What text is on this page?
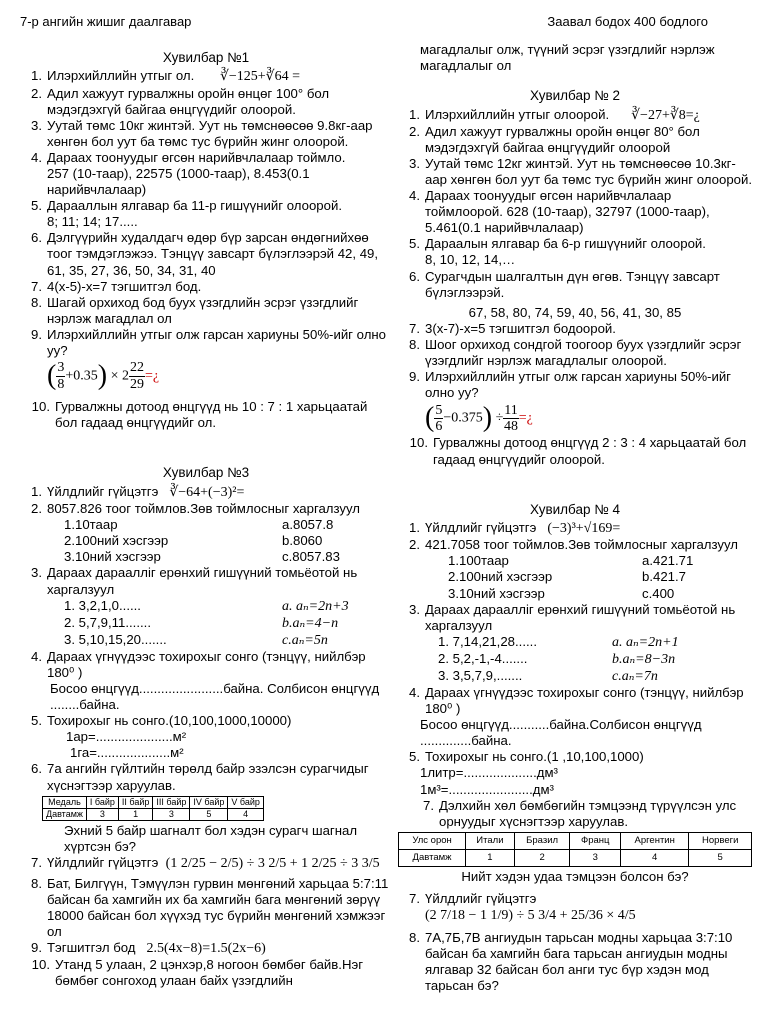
7-р ангийн жишиг даалгавар	Заавал бодох 400 бодлого
Хувилбар №1
1. Илэрхийллийн утгыг ол. ∛−125+∛64 =
2. Адил хажуут гурвалжны оройн өнцөг 100° бол мэдэгдэхгүй байгаа өнцгүүдийг олоорой.
3. Уутай төмс 10кг жинтэй. Уут нь төмснөөсөө 9.8кг-аар хөнгөн бол уут ба төмс тус бүрийн жинг олоорой.
4. Дараах тоонуудыг өгсөн нарийвчлалаар тоймло.
257 (10-таар), 22575 (1000-таар), 8.453(0.1 нарийвчлалаар)
5. Дарааллын ялгавар ба 11-р гишүүнийг олоорой.
8; 11; 14; 17.....
6. Дэлгүүрийн худалдагч өдөр бүр зарсан өндөгнийхөө тоог тэмдэглэжээ. Тэнцүү завсарт бүлэглээрэй 42, 49, 61, 35, 27, 36, 50, 34, 31, 40
7. 4(x-5)-x=7 тэгшитгэл бод.
8. Шагай орхиход бод бууx үзэгдлийн эсрэг үзэгдлийг нэрлэж магадлал ол
9. Илэрхийллийн утгыг олж гарсан хариуны 50%-ийг олно уу?
( $\frac{3}{8} +0.35) \times 2 \frac{22}{29}$ =¿
10. Гурвалжны дотоод өнцгүүд нь 10 : 7 : 1 харьцаатай бол гадаад өнцгүүдийг ол.
Хувилбар №3
1. Үйлдлийг гүйцэтгэ ∛−64+(−3)²=
2. 8057.826 тоог тоймлов.Зөв тоймлосныг харгалзуул
1.10таар	a.8057.8
2.100ний хэсгээр	b.8060
3.10ний хэсгээр	c.8057.83
3. Дараах дараалліг ерөнхий гишүүний томьёотой нь харгалзуул
1. 3,2,1,0......	a. aₙ=2n+3
2. 5,7,9,11.......	b.aₙ=4−n
3. 5,10,15,20.......	c.aₙ=5n
4. Дараах үгнүүдээс тохирохыг сонго (тэнцүү, нийлбэр 180⁰ )
Босоо өнцгүүд.......................байна. Солбисон өнцгүүд ........байна.
5. Тохирохыг нь сонго.(10,100,1000,10000)
1ар=.....................м²
1га=....................м²
6. 7а ангийн гүйлтийн төрөлд байр эзэлсэн сурагчидыг хүснэгтээр харуулав.
Медаль	I байр	II байр	III байр	IV байр	V байр
Давтамж	3	1	3	5	4
Эхний 5 байр шагналт бол хэдэн сурагч шагнал хүртсэн бэ?
7. Үйлдлийг гүйцэтгэ (1 2/25 − 2/5) ÷ 3 2/5 + 1 2/25 ÷ 3 3/5
8. Бат, Билгүүн, Тэмүүлэн гурвин мөнгөний харьцаа 5:7:11 байсан ба хамгийн их ба хамгийн бага мөнгөний зөрүү 18000 байсан бол хүүхэд тус бүрийн мөнгөний хэмжээг ол
9. Тэгшитгэл бод 2.5(4x−8)=1.5(2x−6)
10. Утанд 5 улаан, 2 цэнхэр,8 ногоон бөмбөг байв.Нэг бөмбөг сонгоход улаан байх үзэгдлийн
магадлалыг олж, түүний эсрэг үзэгдлийг нэрлэж магадлалыг ол
Хувилбар № 2
1. Илэрхийллийн утгыг олоорой. ∛−27+∛8=¿
2. Адил хажуут гурвалжны оройн өнцөг 80° бол мэдэгдэхгүй байгаа өнцгүүдийг олоорой
3. Уутай төмс 12кг жинтэй. Уут нь төмснөөсөө 10.3кг-аар хөнгөн бол уут ба төмс тус бүрийн жинг олоорой.
4. Дараах тоонуудыг өгсөн нарийвчлалаар тоймлоорой. 628 (10-таар), 32797 (1000-таар), 5.461(0.1 нарийвчлалаар)
5. Дараалын ялгавар ба 6-р гишүүнийг олоорой.
8, 10, 12, 14,…
6. Сурагчдын шалгалтын дүн өгөв. Тэнцүү завсарт бүлэглээрэй.
67, 58, 80, 74, 59, 40, 56, 41, 30, 85
7. 3(x-7)-x=5 тэгшитгэл бодоорой.
8. Шоог орхиход сондгой тоогоор бууx үзэгдлийг эсрэг үзэгдлийг нэрлэж магадлалыг олоорой.
9. Илэрхийллийн утгыг олж гарсан хариуны 50%-ийг олно уу?
( $\frac{5}{6} -0.375) \div \frac{11}{48}$ =¿
10. Гурвалжны дотоод өнцгүүд 2 : 3 : 4 харьцаатай бол гадаад өнцгүүдийг олоорой.
Хувилбар № 4
1. Үйлдлийг гүйцэтгэ (−3)³+√169=
2. 421.7058 тоог тоймлов.Зөв тоймлосныг харгалзуул
1.100таар	a.421.71
2.100ний хэсгээр	b.421.7
3.10ний хэсгээр	c.400
3. Дараах дараалліг ерөнхий гишүүний томьёотой нь харгалзуул
1. 7,14,21,28......	a. aₙ=2n+1
2. 5,2,-1,-4.......	b.aₙ=8−3n
3. 3,5,7,9,.......	c.aₙ=7n
4. Дараах үгнүүдээс тохирохыг сонго (тэнцүү, нийлбэр 180⁰ )
Босоо өнцгүүд...........байна.Солбисон өнцгүүд ..............байна.
5. Тохирохыг нь сонго.(1 ,10,100,1000)
1литр=....................дм³
1м³=.......................дм³
7. Дэлхийн хөл бөмбөгийн тэмцээнд түрүүлсэн улс орнуудыг хүснэгтээр харуулав.
Улс орон	Итали	Бразил	Франц	Аргентин	Норвеги
Давтамж	1	2	3	4	5
Нийт хэдэн удаа тэмцээн болсон бэ?
7. Үйлдлийг гүйцэтгэ  (2 7/18 − 1 1/9) ÷ 5 3/4 + 25/36 × 4/5
8. 7А,7Б,7В ангиудын тарьсан модны харьцаа 3:7:10 байсан ба хамгийн бага тарьсан ангиудын модны ялгавар 32 байсан бол анги тус бүр хэдэн мод тарьсан бэ?
